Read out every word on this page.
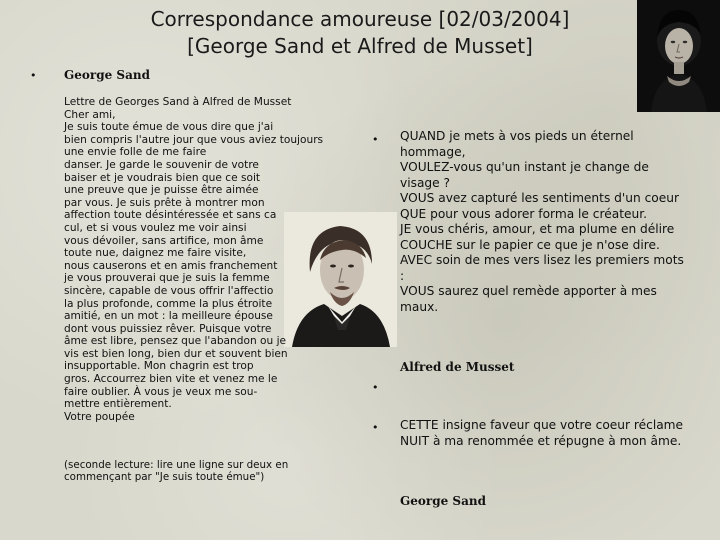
Correspondance amoureuse [02/03/2004]
[George Sand et Alfred de Musset]
• George Sand
Lettre de Georges Sand à Alfred de Musset
Cher ami,
Je suis toute émue de vous dire que j'ai
bien compris l'autre jour que vous aviez toujours
une envie folle de me faire
danser. Je garde le souvenir de votre
baiser et je voudrais bien que ce soit
une preuve que je puisse être aimée
par vous. Je suis prête à montrer mon
affection toute désintéressée et sans ca
cul, et si vous voulez me voir ainsi
vous dévoiler, sans artifice, mon âme
toute nue, daignez me faire visite,
nous causerons et en amis franchement
je vous prouverai que je suis la femme
sincère, capable de vous offrir l'affectio
la plus profonde, comme la plus étroite
amitié, en un mot : la meilleure épouse
dont vous puissiez rêver. Puisque votre
âme est libre, pensez que l'abandon ou je
vis est bien long, bien dur et souvent bien
insupportable. Mon chagrin est trop
gros. Accourrez bien vite et venez me le
faire oublier. À vous je veux me sou-
mettre entièrement.
Votre poupée
(seconde lecture: lire une ligne sur deux en commençant par "Je suis toute émue")
• QUAND je mets à vos pieds un éternel hommage,
VOULEZ-vous qu'un instant je change de visage ?
VOUS avez capturé les sentiments d'un coeur
QUE pour vous adorer forma le créateur.
JE vous chéris, amour, et ma plume en délire
COUCHE sur le papier ce que je n'ose dire.
AVEC soin de mes vers lisez les premiers mots :
VOUS saurez quel remède apporter à mes maux.
Alfred de Musset
•
• CETTE insigne faveur que votre coeur réclame
NUIT à ma renommée et répugne à mon âme.
George Sand
